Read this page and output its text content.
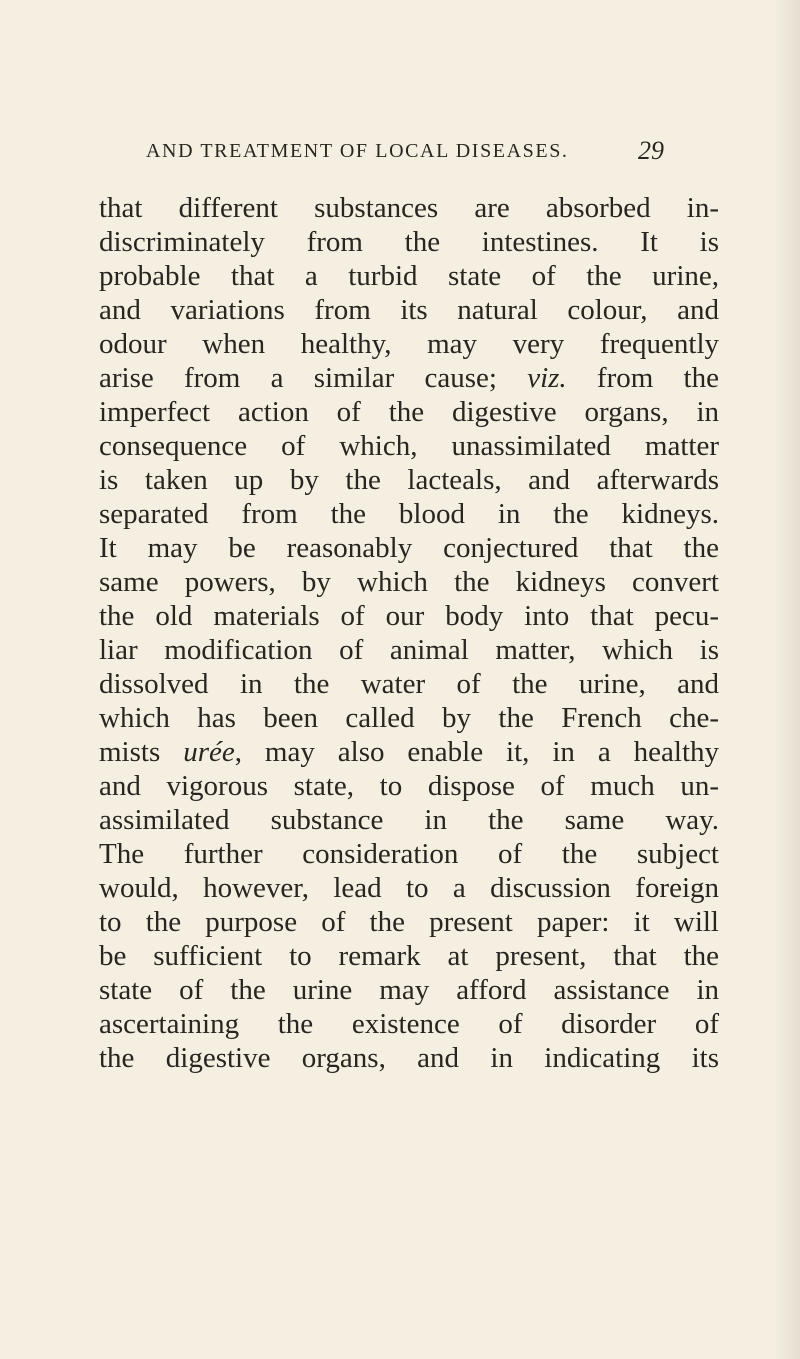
AND TREATMENT OF LOCAL DISEASES.	29
that different substances are absorbed in-
discriminately from the intestines. It is
probable that a turbid state of the urine,
and variations from its natural colour, and
odour when healthy, may very frequently
arise from a similar cause; viz. from the
imperfect action of the digestive organs, in
consequence of which, unassimilated matter
is taken up by the lacteals, and afterwards
separated from the blood in the kidneys.
It may be reasonably conjectured that the
same powers, by which the kidneys convert
the old materials of our body into that pecu-
liar modification of animal matter, which is
dissolved in the water of the urine, and
which has been called by the French che-
mists urée, may also enable it, in a healthy
and vigorous state, to dispose of much un-
assimilated substance in the same way.
The further consideration of the subject
would, however, lead to a discussion foreign
to the purpose of the present paper: it will
be sufficient to remark at present, that the
state of the urine may afford assistance in
ascertaining the existence of disorder of
the digestive organs, and in indicating its
